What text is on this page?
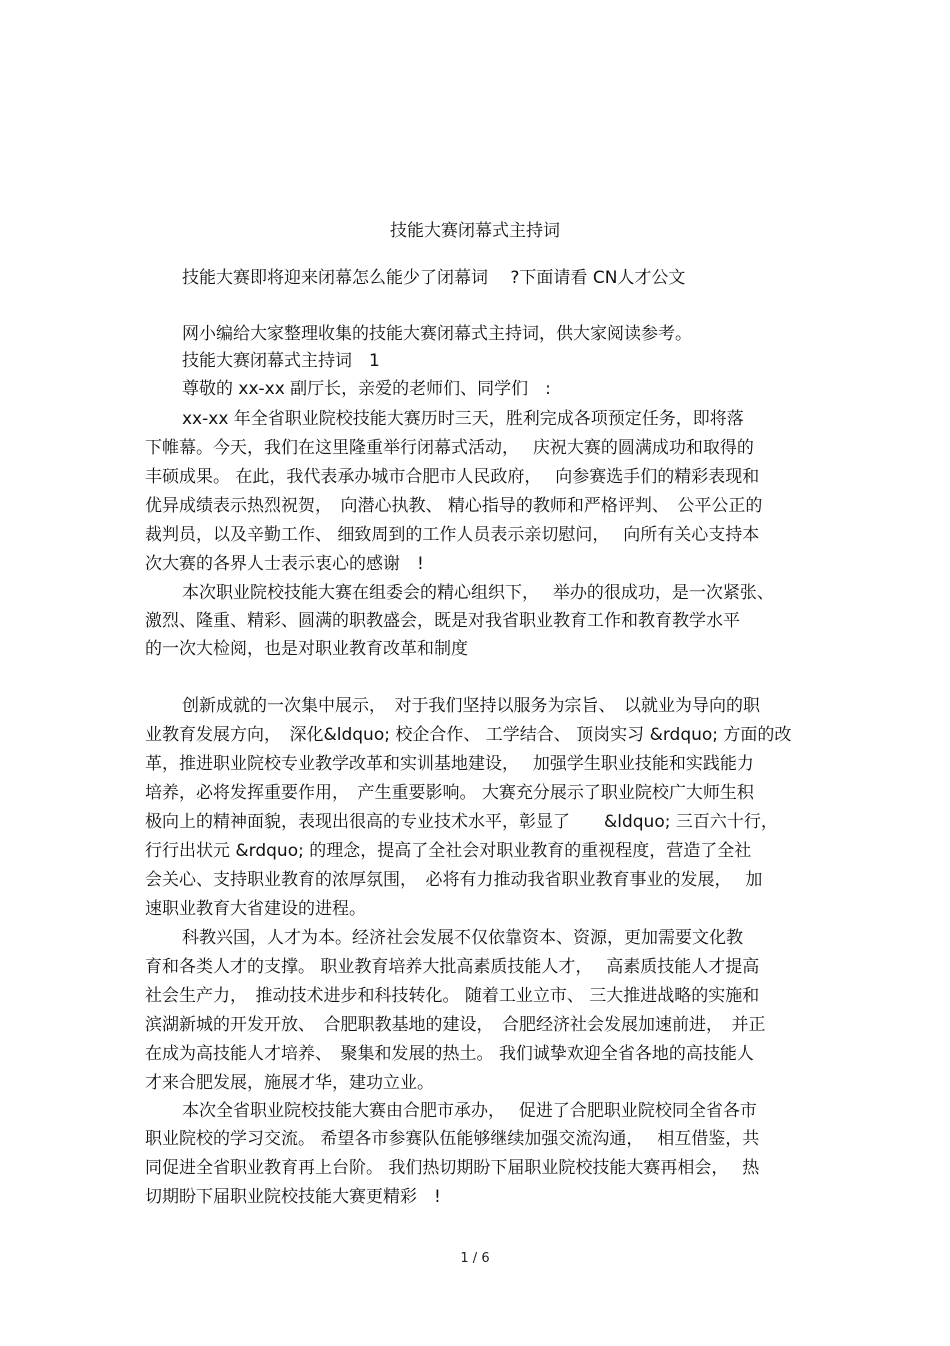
技能大赛闭幕式主持词
技能大赛即将迎来闭幕怎么能少了闭幕词　 ?下面请看 CN人才公文
网小编给大家整理收集的技能大赛闭幕式主持词，供大家阅读参考。
技能大赛闭幕式主持词　1
尊敬的 xx-xx 副厅长，亲爱的老师们、同学们　:
xx-xx 年全省职业院校技能大赛历时三天，胜利完成各项预定任务，即将落
下帷幕。今天，我们在这里隆重举行闭幕式活动，　 庆祝大赛的圆满成功和取得的
丰硕成果。 在此，我代表承办城市合肥市人民政府，　 向参赛选手们的精彩表现和
优异成绩表示热烈祝贺，　向潜心执教、 精心指导的教师和严格评判、　公平公正的
裁判员，以及辛勤工作、 细致周到的工作人员表示亲切慰问，　 向所有关心支持本
次大赛的各界人士表示衷心的感谢　!
本次职业院校技能大赛在组委会的精心组织下，　 举办的很成功，是一次紧张、
激烈、隆重、精彩、圆满的职教盛会，既是对我省职业教育工作和教育教学水平
的一次大检阅，也是对职业教育改革和制度
创新成就的一次集中展示，　对于我们坚持以服务为宗旨、　以就业为导向的职
业教育发展方向，　深化&ldquo; 校企合作、 工学结合、 顶岗实习 &rdquo; 方面的改
革，推进职业院校专业教学改革和实训基地建设，　 加强学生职业技能和实践能力
培养，必将发挥重要作用，　产生重要影响。 大赛充分展示了职业院校广大师生积
极向上的精神面貌，表现出很高的专业技术水平，彰显了　　&ldquo; 三百六十行，
行行出状元 &rdquo; 的理念，提高了全社会对职业教育的重视程度，营造了全社
会关心、支持职业教育的浓厚氛围，　必将有力推动我省职业教育事业的发展，　 加
速职业教育大省建设的进程。
科教兴国，人才为本。经济社会发展不仅依靠资本、资源，更加需要文化教
育和各类人才的支撑。 职业教育培养大批高素质技能人才，　 高素质技能人才提高
社会生产力，　推动技术进步和科技转化。 随着工业立市、 三大推进战略的实施和
滨湖新城的开发开放、　合肥职教基地的建设，　合肥经济社会发展加速前进，　并正
在成为高技能人才培养、　聚集和发展的热土。 我们诚挚欢迎全省各地的高技能人
才来合肥发展，施展才华，建功立业。
本次全省职业院校技能大赛由合肥市承办，　 促进了合肥职业院校同全省各市
职业院校的学习交流。 希望各市参赛队伍能够继续加强交流沟通，　 相互借鉴，共
同促进全省职业教育再上台阶。 我们热切期盼下届职业院校技能大赛再相会，　 热
切期盼下届职业院校技能大赛更精彩　!
1 / 6
